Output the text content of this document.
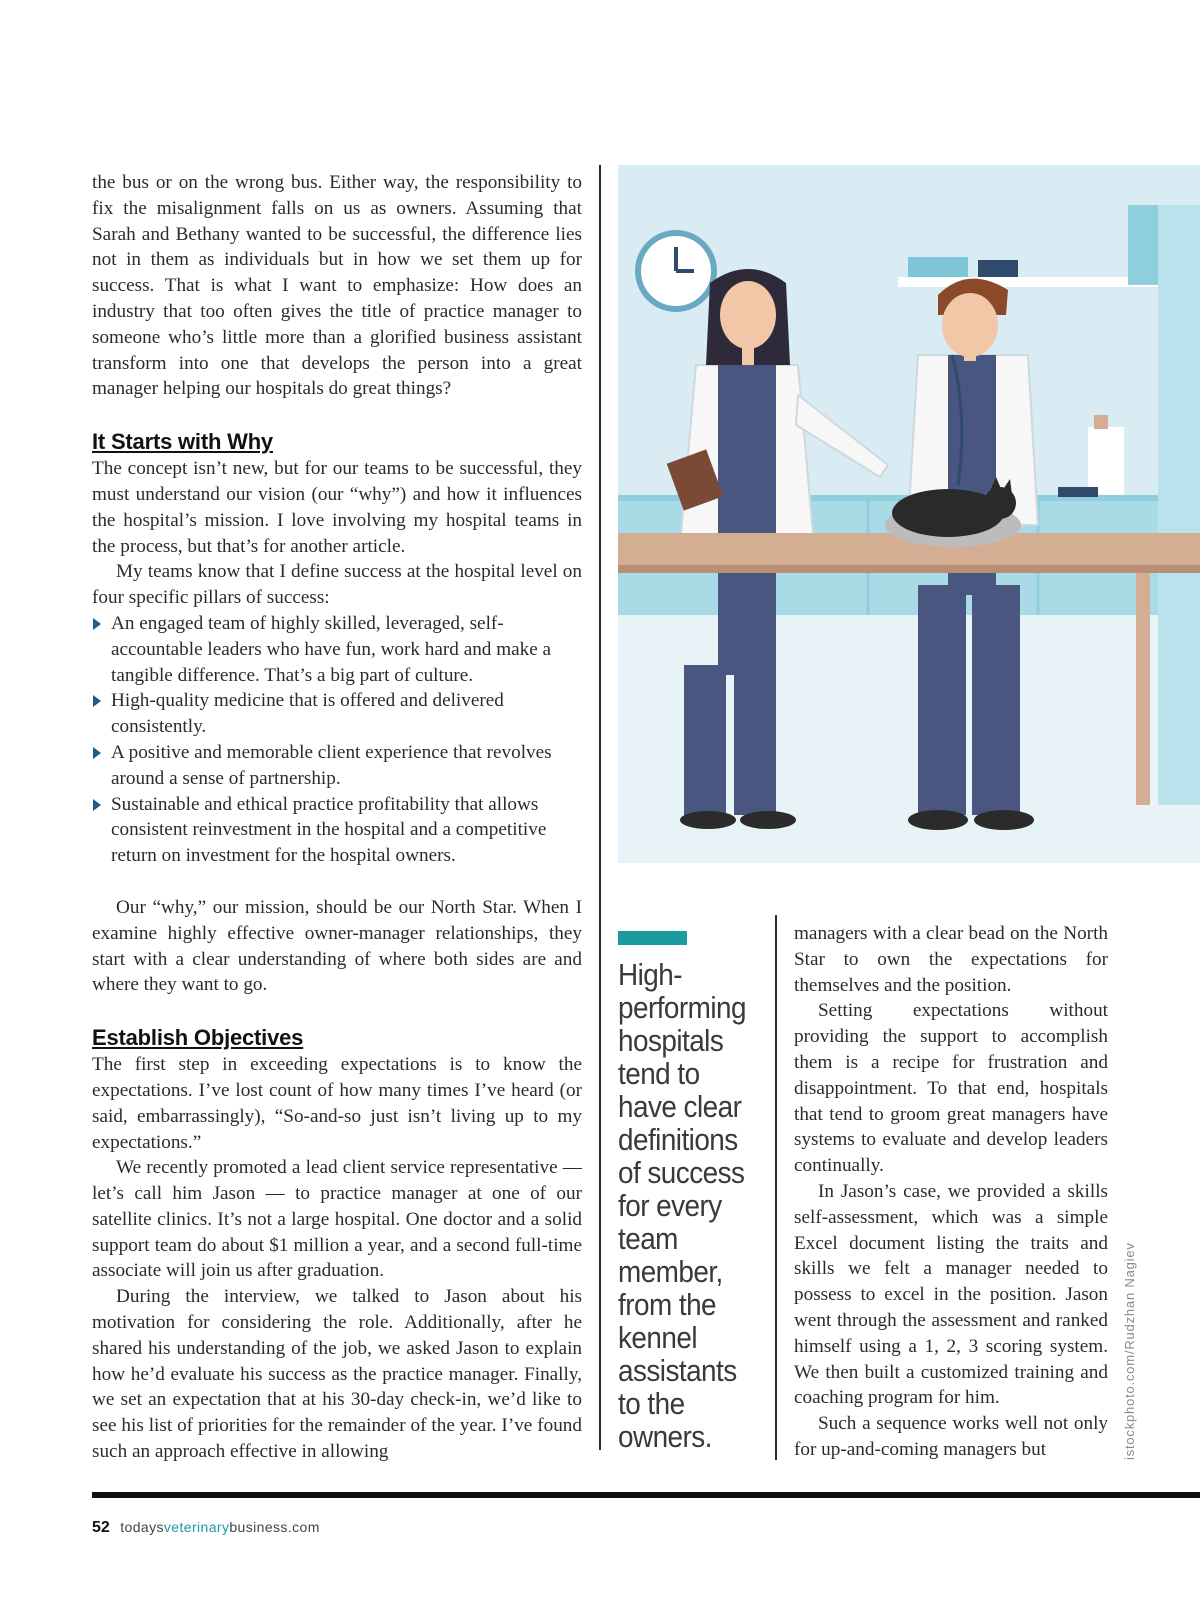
the bus or on the wrong bus. Either way, the responsibility to fix the misalignment falls on us as owners. Assuming that Sarah and Bethany wanted to be successful, the difference lies not in them as individuals but in how we set them up for success. That is what I want to emphasize: How does an industry that too often gives the title of practice manager to someone who’s little more than a glorified business assistant transform into one that develops the person into a great manager helping our hospitals do great things?

It Starts with Why

The concept isn’t new, but for our teams to be successful, they must understand our vision (our “why”) and how it influences the hospital’s mission. I love involving my hospital teams in the process, but that’s for another article.

My teams know that I define success at the hospital level on four specific pillars of success:

An engaged team of highly skilled, leveraged, self-accountable leaders who have fun, work hard and make a tangible difference. That’s a big part of culture.
High-quality medicine that is offered and delivered consistently.
A positive and memorable client experience that revolves around a sense of partnership.
Sustainable and ethical practice profitability that allows consistent reinvestment in the hospital and a competitive return on investment for the hospital owners.

Our “why,” our mission, should be our North Star. When I examine highly effective owner-manager relationships, they start with a clear understanding of where both sides are and where they want to go.

Establish Objectives

The first step in exceeding expectations is to know the expectations. I’ve lost count of how many times I’ve heard (or said, embarrassingly), “So-and-so just isn’t living up to my expectations.”

We recently promoted a lead client service representative — let’s call him Jason — to practice manager at one of our satellite clinics. It’s not a large hospital. One doctor and a solid support team do about $1 million a year, and a second full-time associate will join us after graduation.

During the interview, we talked to Jason about his motivation for considering the role. Additionally, after he shared his understanding of the job, we asked Jason to explain how he’d evaluate his success as the practice manager. Finally, we set an expectation that at his 30-day check-in, we’d like to see his list of priorities for the remainder of the year. I’ve found such an approach effective in allowing

High-
performing
hospitals
tend to
have clear
definitions
of success
for every
team
member,
from the
kennel
assistants
to the
owners.

managers with a clear bead on the North Star to own the expectations for themselves and the position.

Setting expectations without providing the support to accomplish them is a recipe for frustration and disappointment. To that end, hospitals that tend to groom great managers have systems to evaluate and develop leaders continually.

In Jason’s case, we provided a skills self-assessment, which was a simple Excel document listing the traits and skills we felt a manager needed to possess to excel in the position. Jason went through the assessment and ranked himself using a 1, 2, 3 scoring system. We then built a customized training and coaching program for him.

Such a sequence works well not only for up-and-coming managers but	istockphoto.com/Rudzhan Nagiev
52 todaysveterinarybusiness.com
